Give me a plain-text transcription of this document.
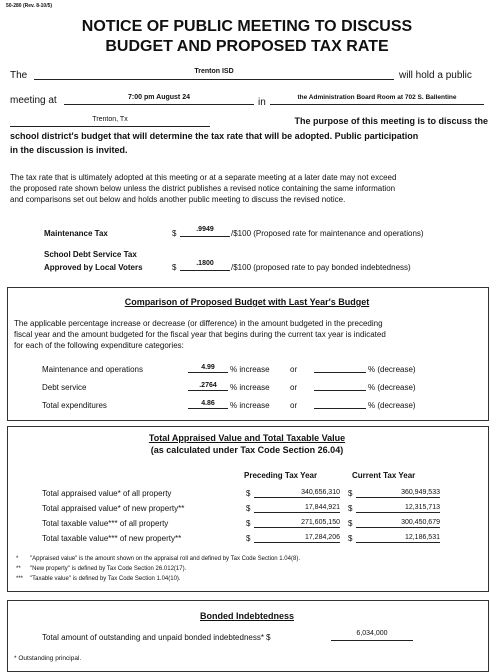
50-280 (Rev. 8-10/5)
NOTICE OF PUBLIC MEETING TO DISCUSS
BUDGET AND PROPOSED TAX RATE
The	Trenton ISD	will hold a public
meeting at	7:00 pm August 24	in	the Administration Board Room at 702 S. Ballentine
Trenton, Tx	The purpose of this meeting is to discuss the
school district's budget that will determine the tax rate that will be adopted. Public participation
in the discussion is invited.
The tax rate that is ultimately adopted at this meeting or at a separate meeting at a later date may not exceed
the proposed rate shown below unless the district publishes a revised notice containing the same information
and comparisons set out below and holds another public meeting to discuss the revised notice.
Maintenance Tax	$	.9949	/$100 (Proposed rate for maintenance and operations)
School Debt Service Tax
Approved by Local Voters	$	.1800	/$100 (proposed rate to pay bonded indebtedness)
Comparison of Proposed Budget with Last Year's Budget
The applicable percentage increase or decrease (or difference) in the amount budgeted in the preceding
fiscal year and the amount budgeted for the fiscal year that begins during the current tax year is indicated
for each of the following expenditure categories:
Maintenance and operations	4.99	% increase	or	% (decrease)
Debt service	.2764	% increase	or	% (decrease)
Total expenditures	4.86	% increase	or	% (decrease)
Total Appraised Value and Total Taxable Value
(as calculated under Tax Code Section 26.04)
Preceding Tax Year	Current Tax Year
Total appraised value* of all property	$	340,656,310 $	360,949,533
Total appraised value* of new property**	$	17,844,921 $	12,315,713
Total taxable value*** of all property	$	271,605,150 $	300,450,679
Total taxable value*** of new property**	$	17,284,206 $	12,186,531
* "Appraised value" is the amount shown on the appraisal roll and defined by Tax Code Section 1.04(8).
** "New property" is defined by Tax Code Section 26.012(17).
*** "Taxable value" is defined by Tax Code Section 1.04(10).
Bonded Indebtedness
Total amount of outstanding and unpaid bonded indebtedness* $	6,034,000
* Outstanding principal.
